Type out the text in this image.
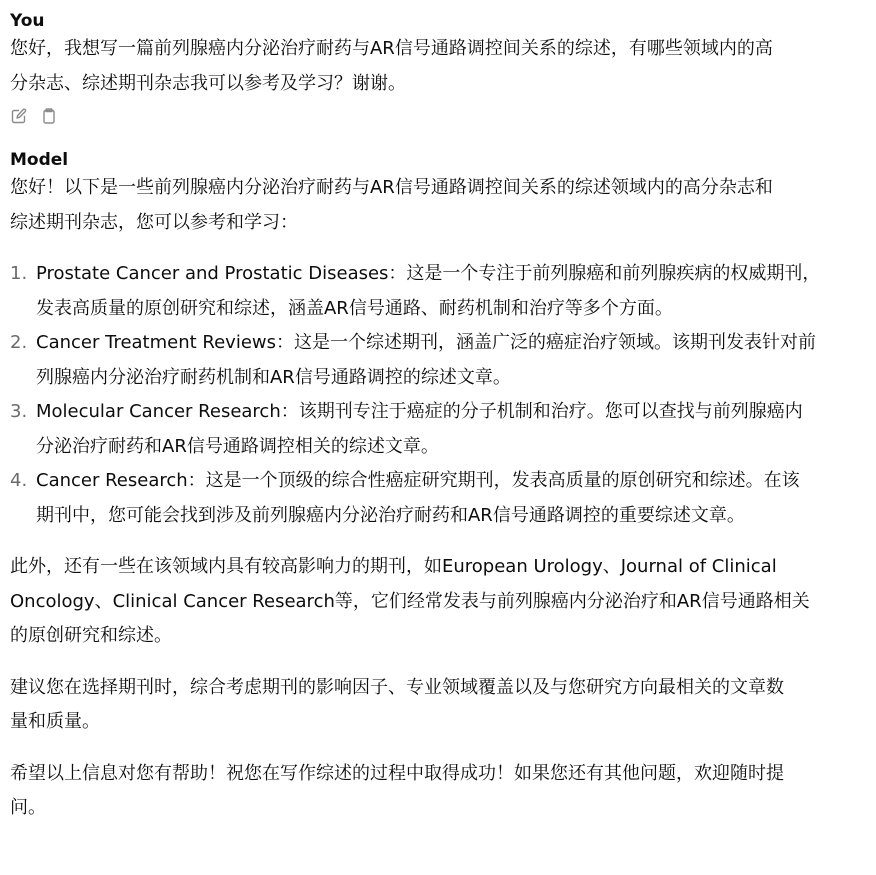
You

您好，我想写一篇前列腺癌内分泌治疗耐药与AR信号通路调控间关系的综述，有哪些领域内的高
分杂志、综述期刊杂志我可以参考及学习？谢谢。

Model

您好！以下是一些前列腺癌内分泌治疗耐药与AR信号通路调控间关系的综述领域内的高分杂志和
综述期刊杂志，您可以参考和学习：

1. Prostate Cancer and Prostatic Diseases：这是一个专注于前列腺癌和前列腺疾病的权威期刊，
发表高质量的原创研究和综述，涵盖AR信号通路、耐药机制和治疗等多个方面。
2. Cancer Treatment Reviews：这是一个综述期刊，涵盖广泛的癌症治疗领域。该期刊发表针对前
列腺癌内分泌治疗耐药机制和AR信号通路调控的综述文章。
3. Molecular Cancer Research：该期刊专注于癌症的分子机制和治疗。您可以查找与前列腺癌内
分泌治疗耐药和AR信号通路调控相关的综述文章。
4. Cancer Research：这是一个顶级的综合性癌症研究期刊，发表高质量的原创研究和综述。在该
期刊中，您可能会找到涉及前列腺癌内分泌治疗耐药和AR信号通路调控的重要综述文章。

此外，还有一些在该领域内具有较高影响力的期刊，如European Urology、Journal of Clinical
Oncology、Clinical Cancer Research等，它们经常发表与前列腺癌内分泌治疗和AR信号通路相关
的原创研究和综述。

建议您在选择期刊时，综合考虑期刊的影响因子、专业领域覆盖以及与您研究方向最相关的文章数
量和质量。

希望以上信息对您有帮助！祝您在写作综述的过程中取得成功！如果您还有其他问题，欢迎随时提
问。
